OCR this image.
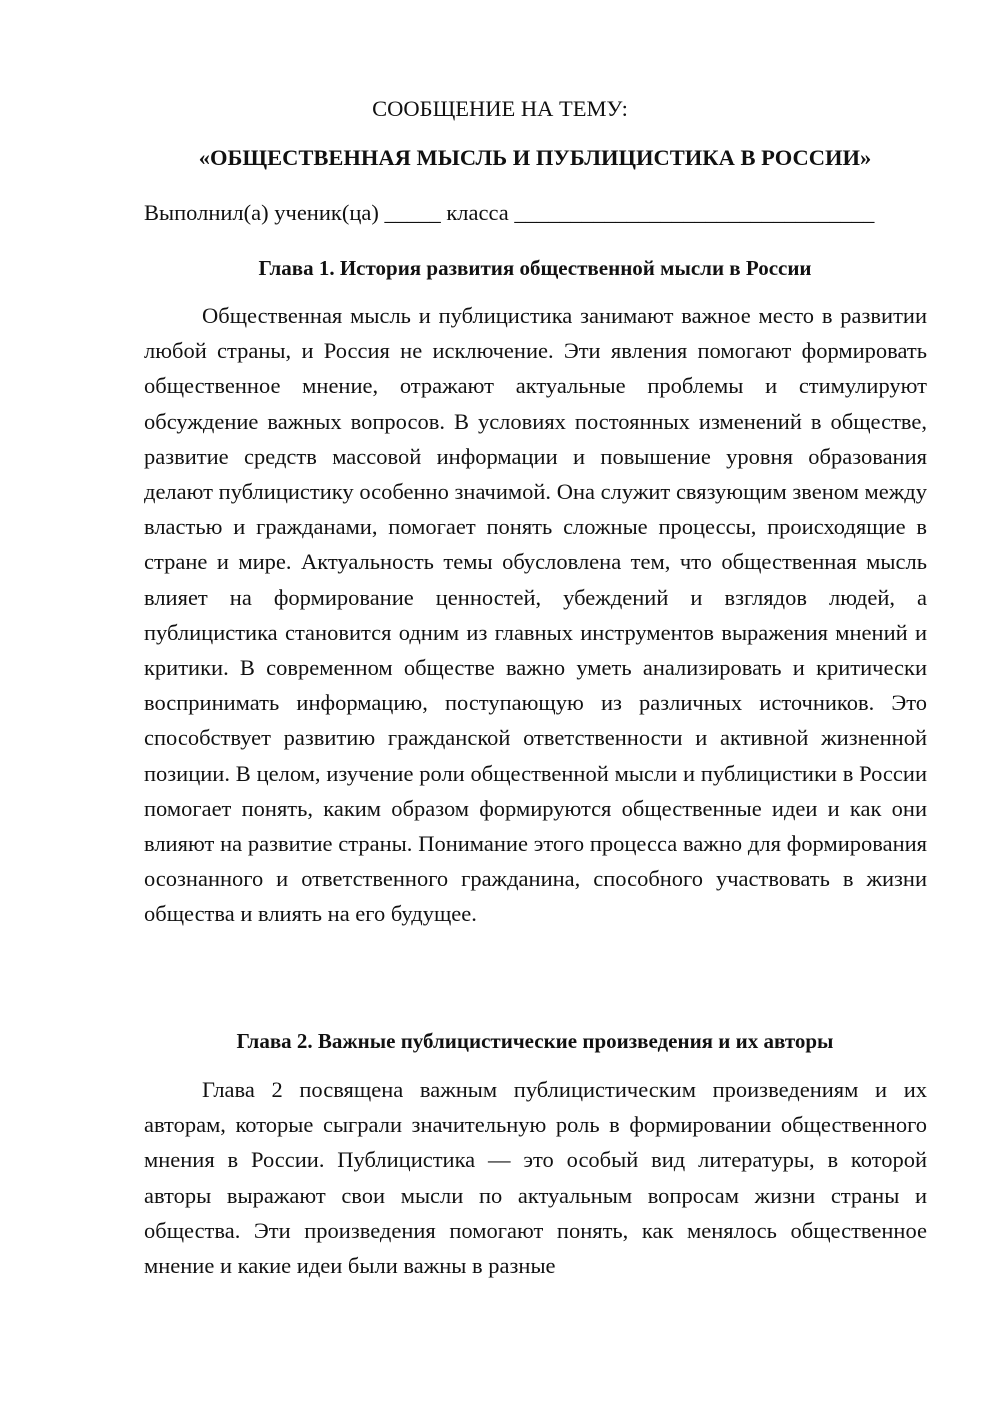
СООБЩЕНИЕ НА ТЕМУ:
«ОБЩЕСТВЕННАЯ МЫСЛЬ И ПУБЛИЦИСТИКА В РОССИИ»
Выполнил(а) ученик(ца) _____ класса ________________________________
Глава 1. История развития общественной мысли в России

Общественная мысль и публицистика занимают важное место в развитии любой страны, и Россия не исключение. Эти явления помогают формировать общественное мнение, отражают актуальные проблемы и стимулируют обсуждение важных вопросов. В условиях постоянных изменений в обществе, развитие средств массовой информации и повышение уровня образования делают публицистику особенно значимой. Она служит связующим звеном между властью и гражданами, помогает понять сложные процессы, происходящие в стране и мире. Актуальность темы обусловлена тем, что общественная мысль влияет на формирование ценностей, убеждений и взглядов людей, а публицистика становится одним из главных инструментов выражения мнений и критики. В современном обществе важно уметь анализировать и критически воспринимать информацию, поступающую из различных источников. Это способствует развитию гражданской ответственности и активной жизненной позиции. В целом, изучение роли общественной мысли и публицистики в России помогает понять, каким образом формируются общественные идеи и как они влияют на развитие страны. Понимание этого процесса важно для формирования осознанного и ответственного гражданина, способного участвовать в жизни общества и влиять на его будущее.

Глава 2. Важные публицистические произведения и их авторы

Глава 2 посвящена важным публицистическим произведениям и их авторам, которые сыграли значительную роль в формировании общественного мнения в России. Публицистика — это особый вид литературы, в которой авторы выражают свои мысли по актуальным вопросам жизни страны и общества. Эти произведения помогают понять, как менялось общественное мнение и какие идеи были важны в разные
